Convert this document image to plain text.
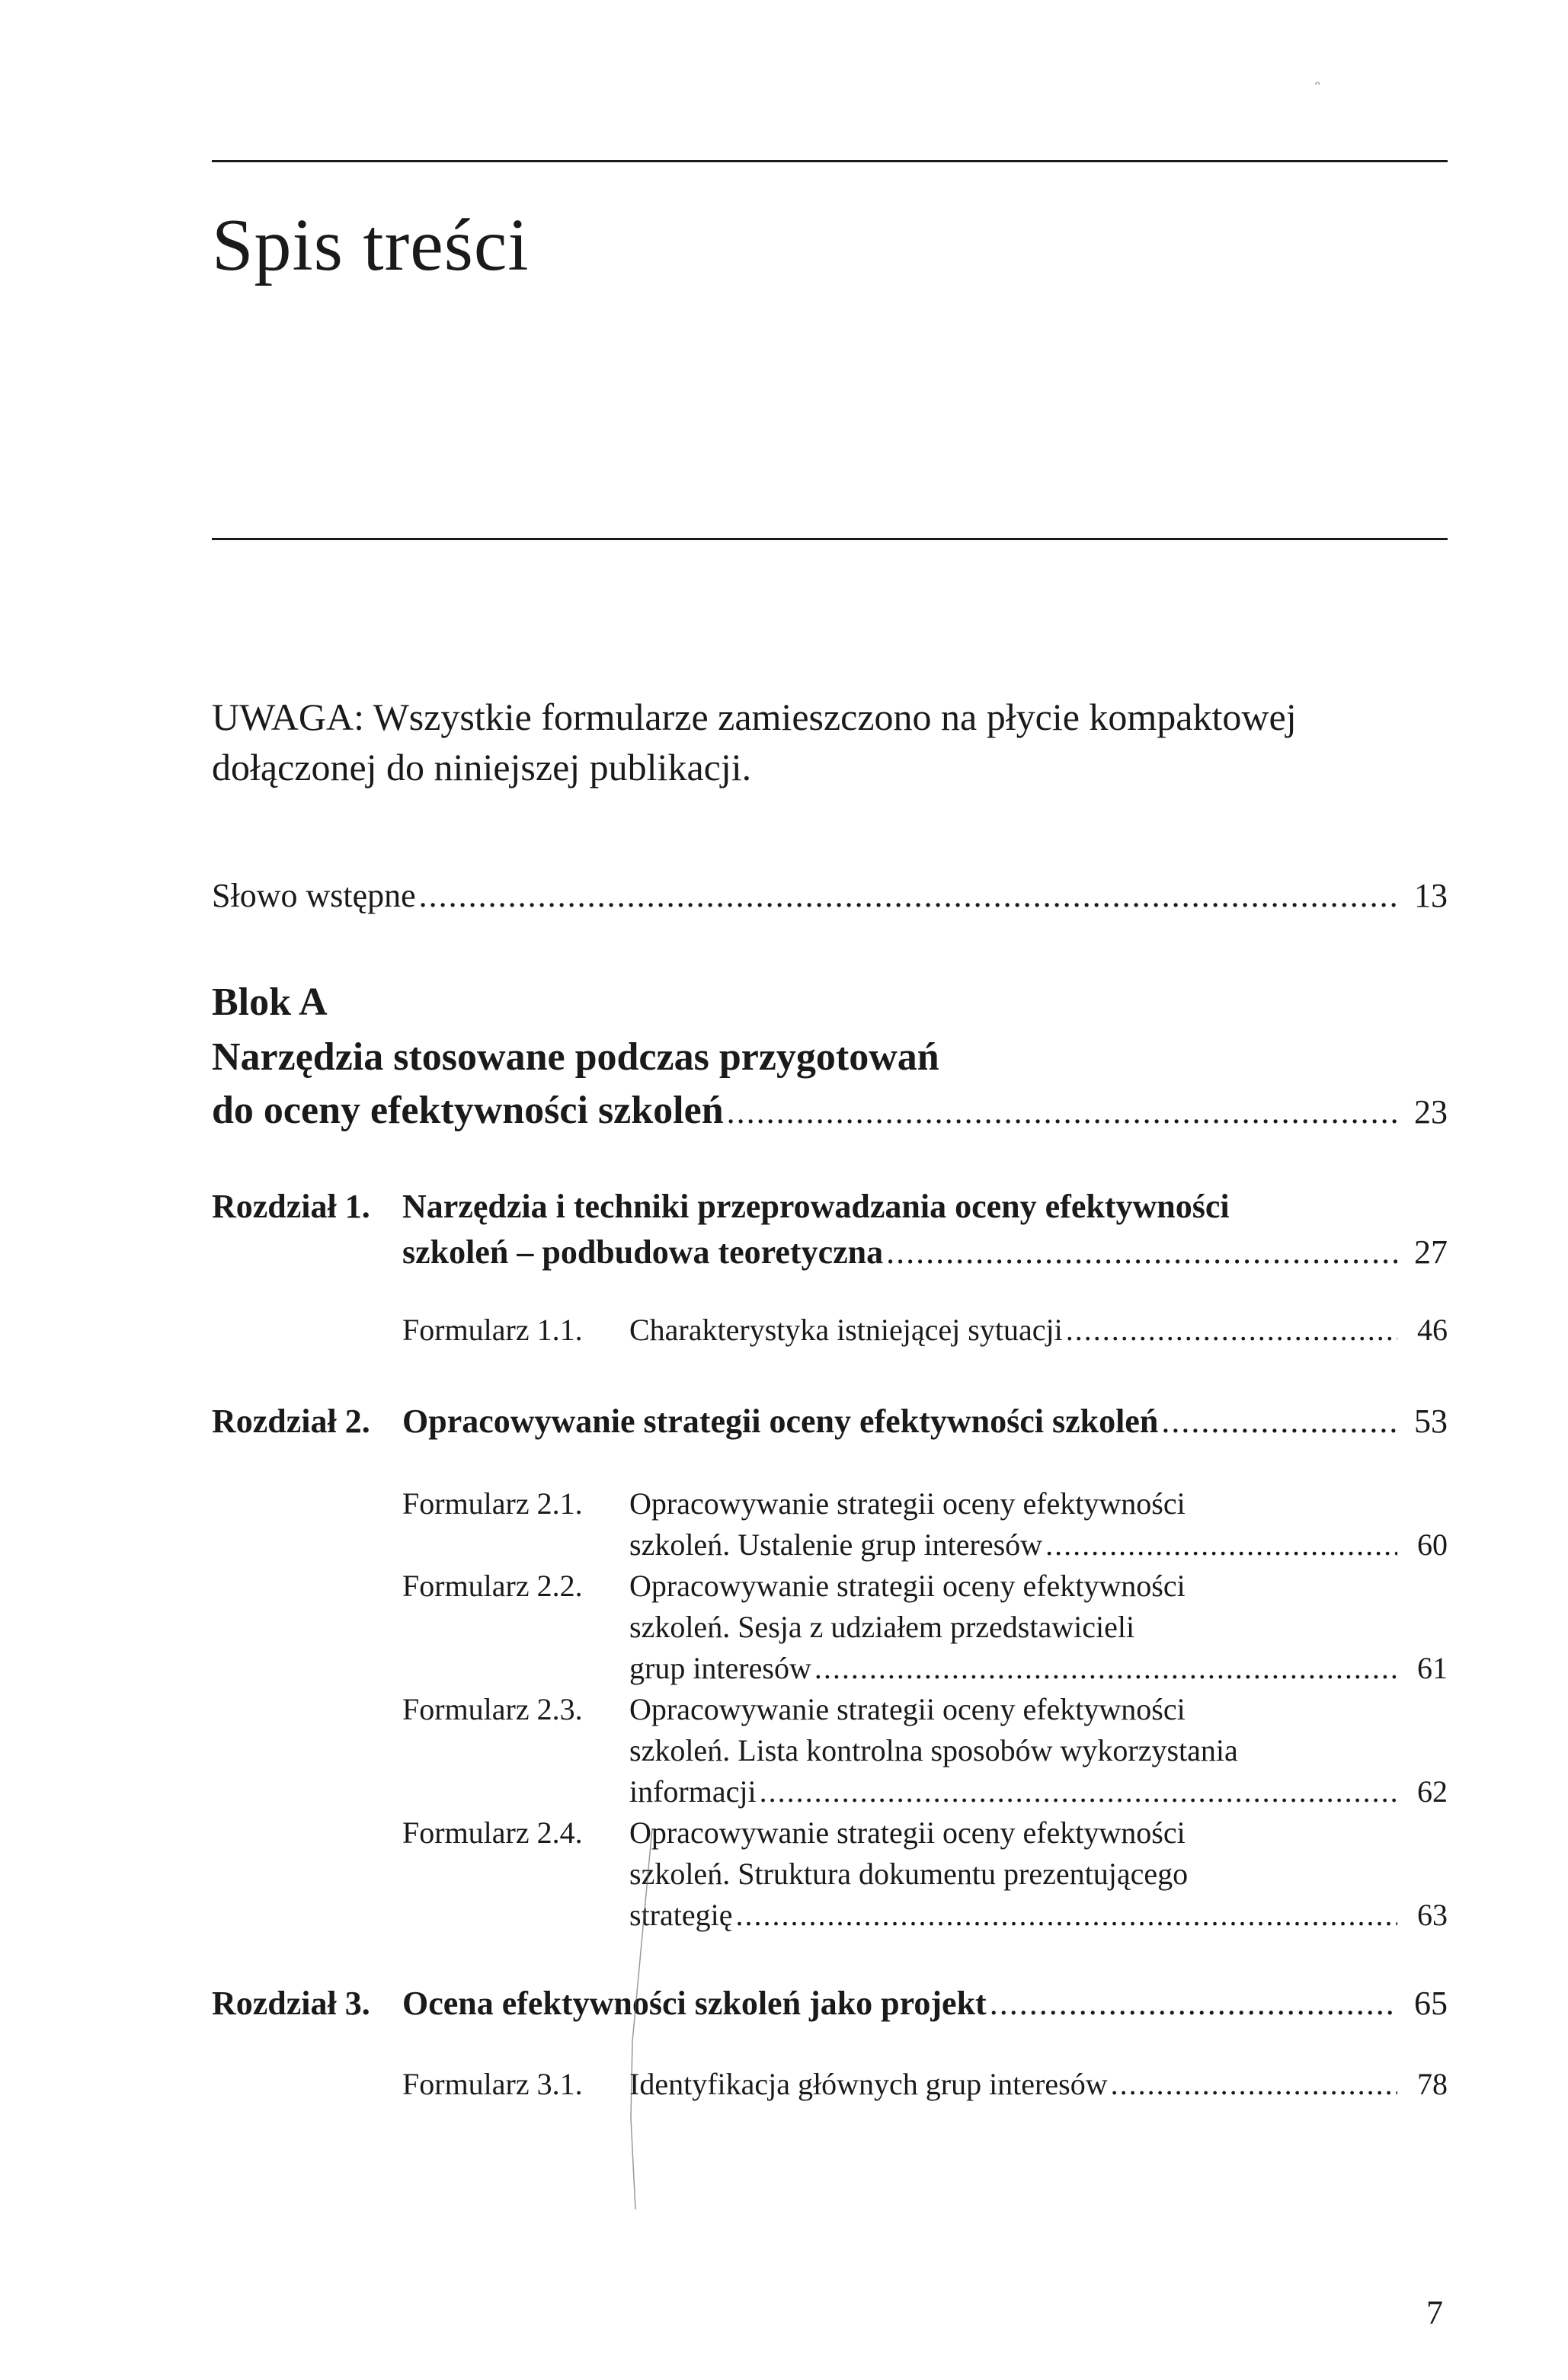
ᵔ
Spis treści

UWAGA: Wszystkie formularze zamieszczono na płycie kompaktowej dołączonej do niniejszej publikacji.

Słowo wstępne .....	13

Blok A

Narzędzia stosowane podczas przygotowań

do oceny efektywności szkoleń .....	23
Rozdział 1. Narzędzia i techniki przeprowadzania oceny efektywności

szkoleń – podbudowa teoretyczna .....	27
Formularz 1.1. Charakterystyka istniejącej sytuacji .....	46
Rozdział 2. Opracowywanie strategii oceny efektywności szkoleń .....	53
Formularz 2.1. Opracowywanie strategii oceny efektywności

szkoleń. Ustalenie grup interesów .....	60
Formularz 2.2. Opracowywanie strategii oceny efektywności

szkoleń. Sesja z udziałem przedstawicieli

grup interesów .....	61
Formularz 2.3. Opracowywanie strategii oceny efektywności

szkoleń. Lista kontrolna sposobów wykorzystania

informacji .....	62
Formularz 2.4. Opracowywanie strategii oceny efektywności

szkoleń. Struktura dokumentu prezentującego

strategię .....	63
Rozdział 3. Ocena efektywności szkoleń jako projekt .....	65
Formularz 3.1. Identyfikacja głównych grup interesów .....	78
7
